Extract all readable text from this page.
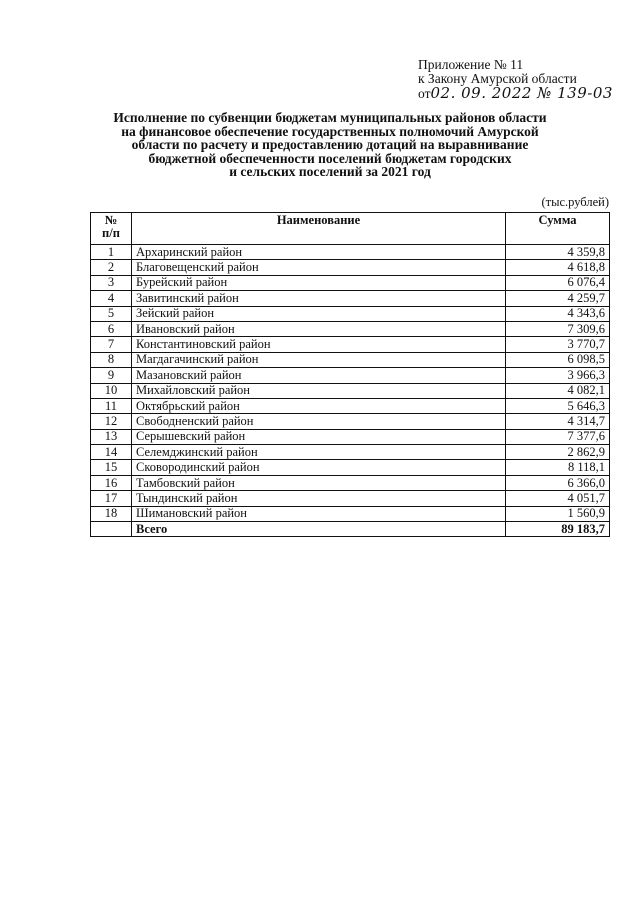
Приложение № 11
к Закону Амурской области
от02. 09. 2022 № 139-03
Исполнение по субвенции бюджетам муниципальных районов области
на финансовое обеспечение государственных полномочий Амурской
области по расчету и предоставлению дотаций на выравнивание
бюджетной обеспеченности поселений бюджетам городских
и сельских поселений за 2021 год
(тыс.рублей)
№
п/п	Наименование	Сумма
1	Архаринский район	4 359,8
2	Благовещенский район	4 618,8
3	Бурейский район	6 076,4
4	Завитинский район	4 259,7
5	Зейский район	4 343,6
6	Ивановский район	7 309,6
7	Константиновский район	3 770,7
8	Магдагачинский район	6 098,5
9	Мазановский район	3 966,3
10	Михайловский район	4 082,1
11	Октябрьский район	5 646,3
12	Свободненский район	4 314,7
13	Серышевский район	7 377,6
14	Селемджинский район	2 862,9
15	Сковородинский район	8 118,1
16	Тамбовский район	6 366,0
17	Тындинский район	4 051,7
18	Шимановский район	1 560,9
	Всего	89 183,7
